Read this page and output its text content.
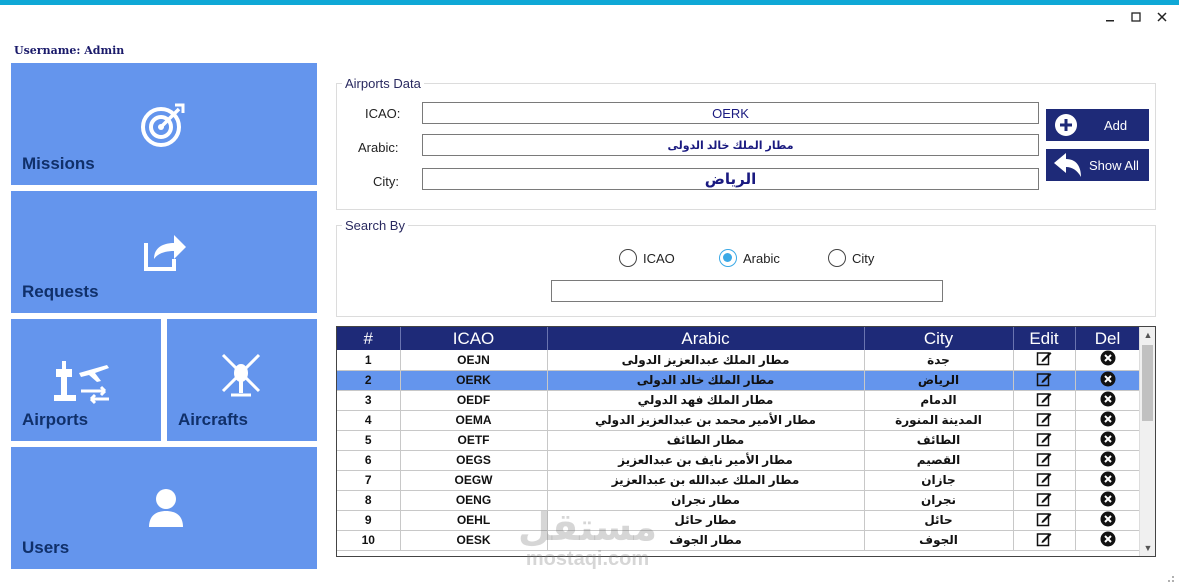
Username: Admin
Missions
Requests
Airports	Aircrafts
Users
Airports Data
ICAO:	OERK
Arabic:	مطار الملك خالد الدولى
City:	الرياض
Add
Show All
Search By
ICAO	Arabic	City
#	ICAO	Arabic	City	Edit	Del
1	OEJN	مطار الملك عبدالعزيز الدولى	جدة		
2	OERK	مطار الملك خالد الدولى	الرياض		
3	OEDF	مطار الملك فهد الدولي	الدمام		
4	OEMA	مطار الأمير محمد بن عبدالعزيز الدولي	المدينة المنورة		
5	OETF	مطار الطائف	الطائف		
6	OEGS	مطار الأمير نايف بن عبدالعزيز	القصيم		
7	OEGW	مطار الملك عبدالله بن عبدالعزيز	جازان		
8	OENG	مطار نجران	نجران		
9	OEHL	مطار حائل	حائل		
10	OESK	مطار الجوف	الجوف		
▲
▼
مستقل
mostaqi.com
